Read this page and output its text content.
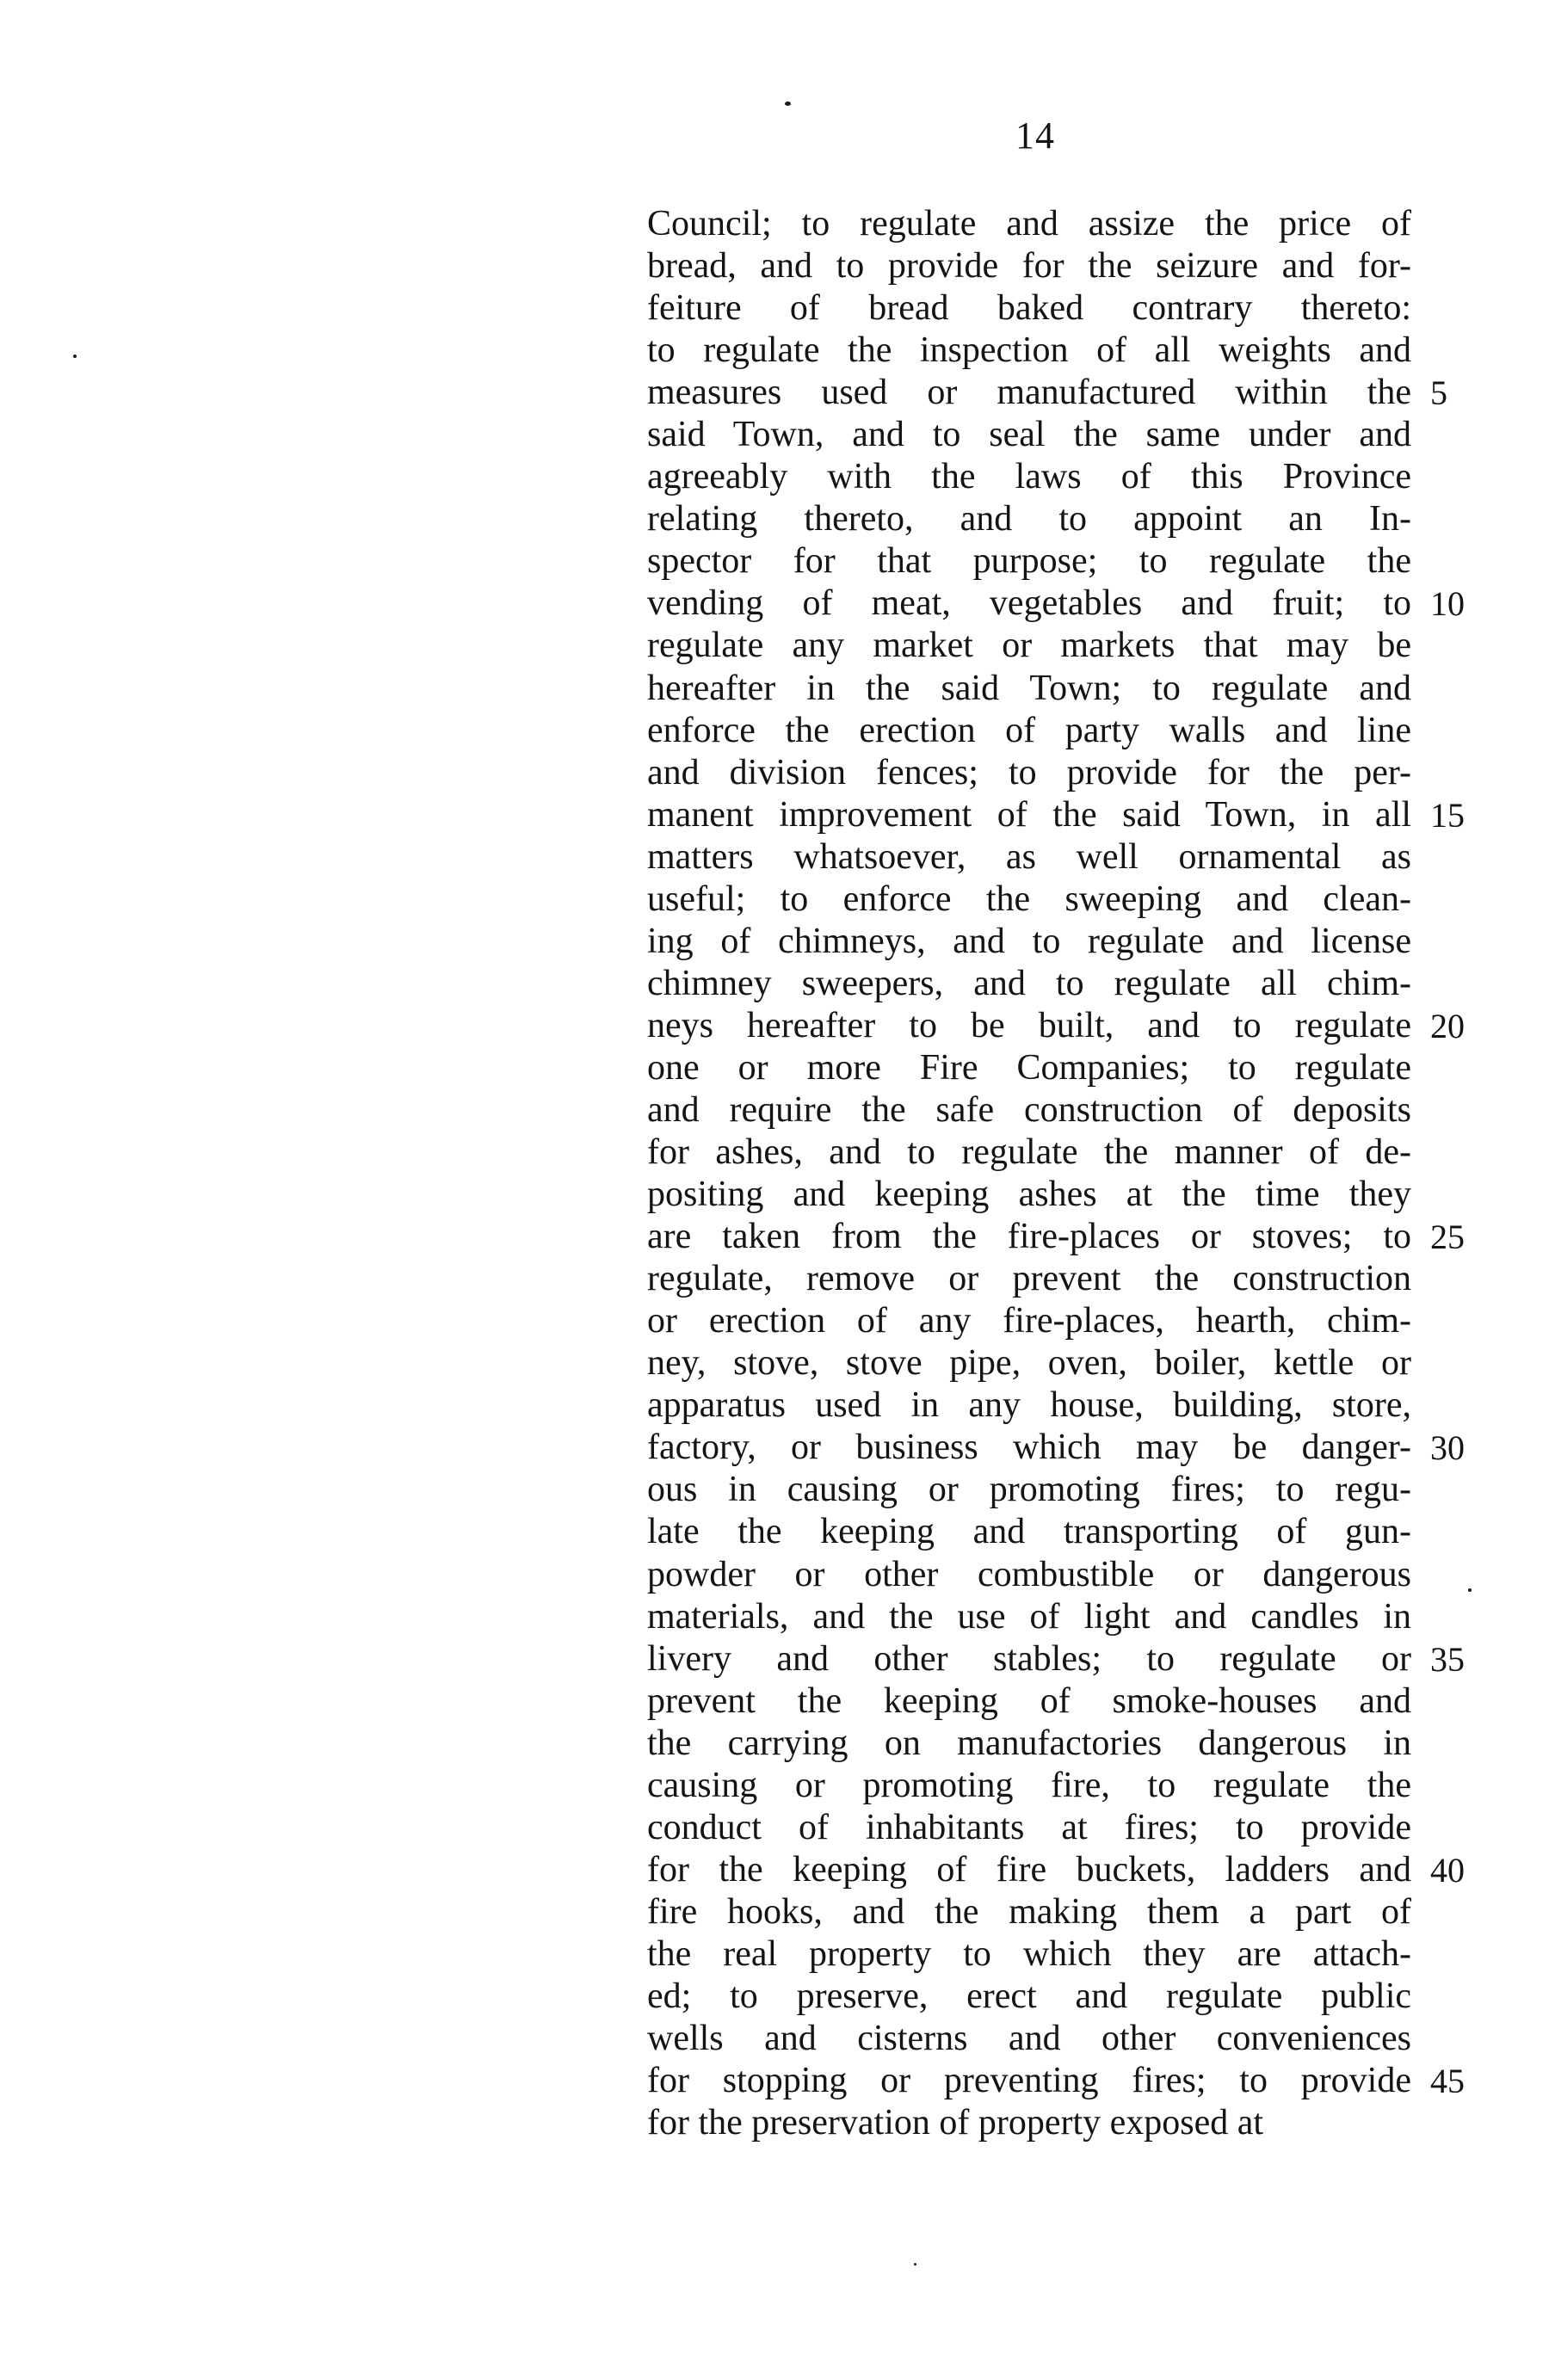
14
Council; to regulate and assize the price of
bread, and to provide for the seizure and for-
feiture of bread baked contrary thereto:
to regulate the inspection of all weights and
measures used or manufactured within the 5
said Town, and to seal the same under and
agreeably with the laws of this Province
relating thereto, and to appoint an In-
spector for that purpose; to regulate the
vending of meat, vegetables and fruit; to 10
regulate any market or markets that may be
hereafter in the said Town; to regulate and
enforce the erection of party walls and line
and division fences; to provide for the per-
manent improvement of the said Town, in all 15
matters whatsoever, as well ornamental as
useful; to enforce the sweeping and clean-
ing of chimneys, and to regulate and license
chimney sweepers, and to regulate all chim-
neys hereafter to be built, and to regulate 20
one or more Fire Companies; to regulate
and require the safe construction of deposits
for ashes, and to regulate the manner of de-
positing and keeping ashes at the time they
are taken from the fire-places or stoves; to 25
regulate, remove or prevent the construction
or erection of any fire-places, hearth, chim-
ney, stove, stove pipe, oven, boiler, kettle or
apparatus used in any house, building, store,
factory, or business which may be danger- 30
ous in causing or promoting fires; to regu-
late the keeping and transporting of gun-
powder or other combustible or dangerous
materials, and the use of light and candles in
livery and other stables; to regulate or 35
prevent the keeping of smoke-houses and
the carrying on manufactories dangerous in
causing or promoting fire, to regulate the
conduct of inhabitants at fires; to provide
for the keeping of fire buckets, ladders and 40
fire hooks, and the making them a part of
the real property to which they are attach-
ed; to preserve, erect and regulate public
wells and cisterns and other conveniences
for stopping or preventing fires; to provide 45
for the preservation of property exposed at
